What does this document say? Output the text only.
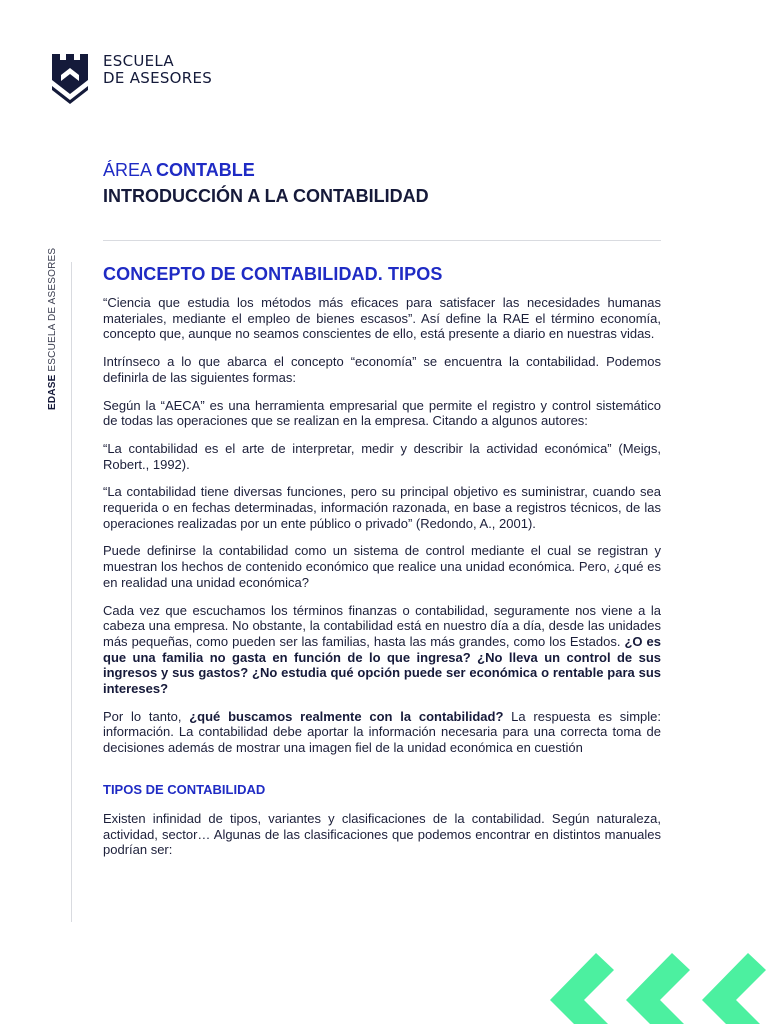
ESCUELA
DE ASESORES
ÁREA CONTABLE
INTRODUCCIÓN A LA CONTABILIDAD
EDASE ESCUELA DE ASESORES	CONCEPTO DE CONTABILIDAD. TIPOS

“Ciencia que estudia los métodos más eficaces para satisfacer las necesidades humanas materiales, mediante el empleo de bienes escasos”. Así define la RAE el término economía, concepto que, aunque no seamos conscientes de ello, está presente a diario en nuestras vidas.

Intrínseco a lo que abarca el concepto “economía” se encuentra la contabilidad. Podemos definirla de las siguientes formas:

Según la “AECA” es una herramienta empresarial que permite el registro y control sistemático de todas las operaciones que se realizan en la empresa. Citando a algunos autores:

“La contabilidad es el arte de interpretar, medir y describir la actividad económica” (Meigs, Robert., 1992).

“La contabilidad tiene diversas funciones, pero su principal objetivo es suministrar, cuando sea requerida o en fechas determinadas, información razonada, en base a registros técnicos, de las operaciones realizadas por un ente público o privado” (Redondo, A., 2001).

Puede definirse la contabilidad como un sistema de control mediante el cual se registran y muestran los hechos de contenido económico que realice una unidad económica. Pero, ¿qué es en realidad una unidad económica?

Cada vez que escuchamos los términos finanzas o contabilidad, seguramente nos viene a la cabeza una empresa. No obstante, la contabilidad está en nuestro día a día, desde las unidades más pequeñas, como pueden ser las familias, hasta las más grandes, como los Estados. ¿O es que una familia no gasta en función de lo que ingresa? ¿No lleva un control de sus ingresos y sus gastos? ¿No estudia qué opción puede ser económica o rentable para sus intereses?

Por lo tanto, ¿qué buscamos realmente con la contabilidad? La respuesta es simple: información. La contabilidad debe aportar la información necesaria para una correcta toma de decisiones además de mostrar una imagen fiel de la unidad económica en cuestión

TIPOS DE CONTABILIDAD

Existen infinidad de tipos, variantes y clasificaciones de la contabilidad. Según naturaleza, actividad, sector… Algunas de las clasificaciones que podemos encontrar en distintos manuales podrían ser:
